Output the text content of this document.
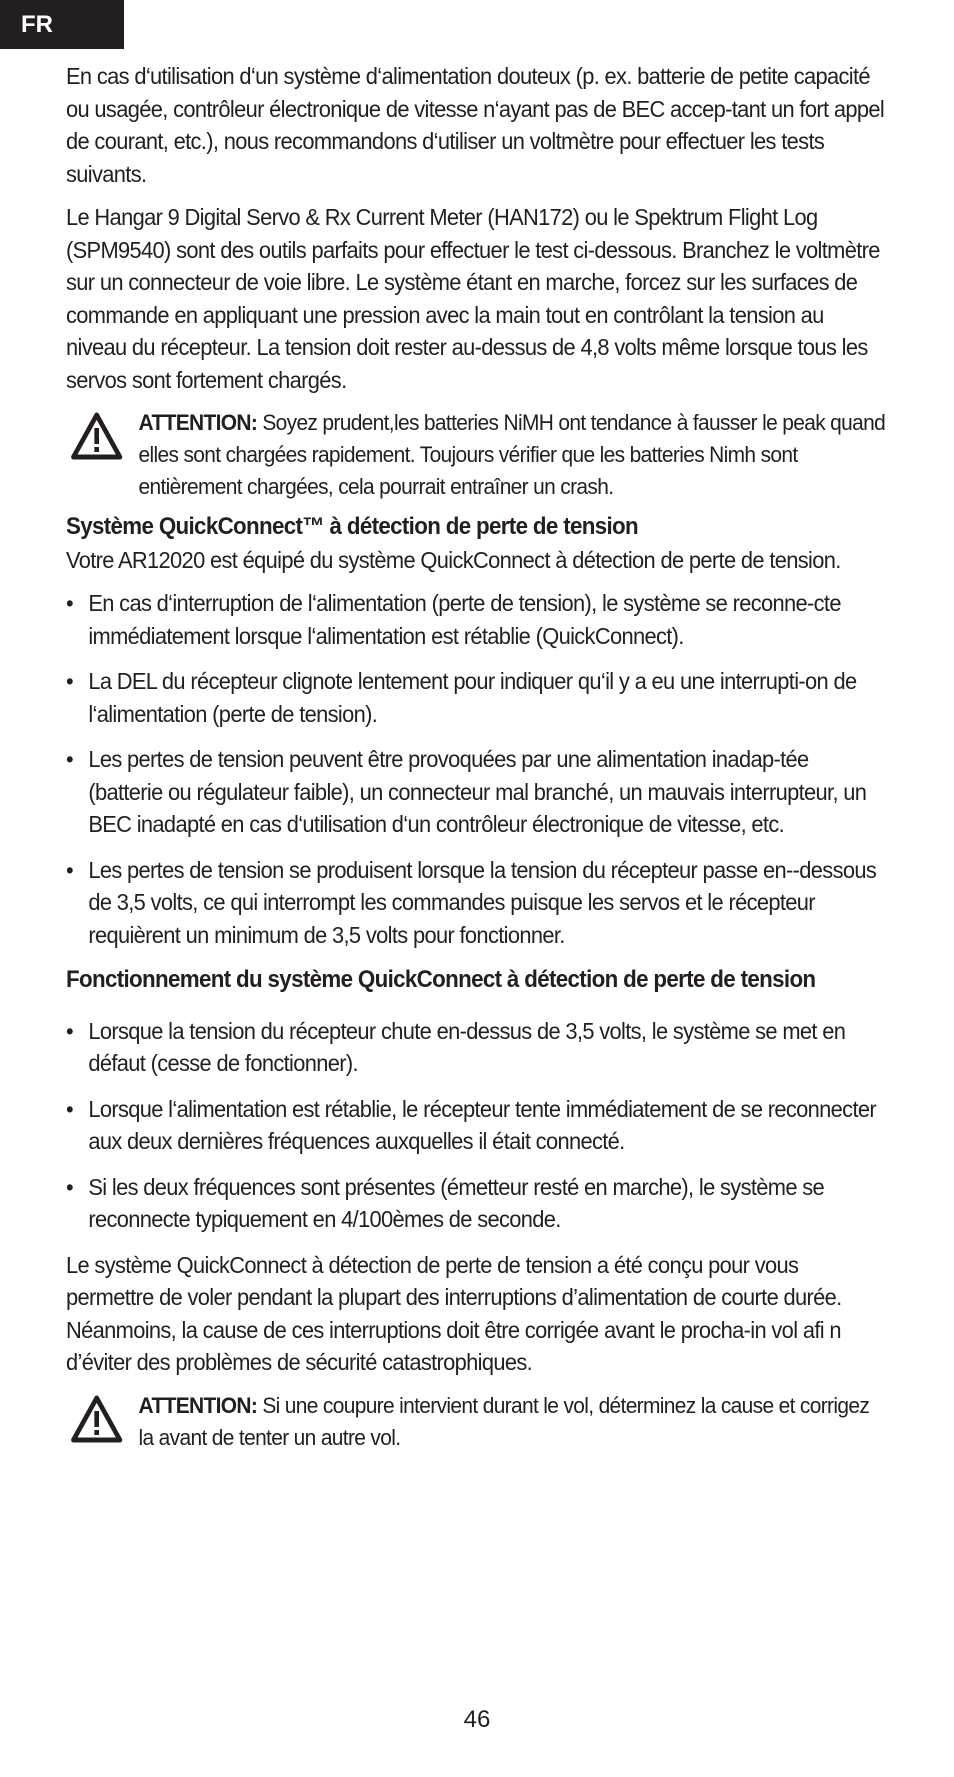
FR

En cas d‘utilisation d‘un système d‘alimentation douteux (p. ex. batterie de petite capacité ou usagée, contrôleur électronique de vitesse n‘ayant pas de BEC accep-tant un fort appel de courant, etc.), nous recommandons d‘utiliser un voltmètre pour effectuer les tests suivants.

Le Hangar 9 Digital Servo & Rx Current Meter (HAN172) ou le Spektrum Flight Log (SPM9540) sont des outils parfaits pour effectuer le test ci-dessous. Branchez le voltmètre sur un connecteur de voie libre. Le système étant en marche, forcez sur les surfaces de commande en appliquant une pression avec la main tout en contrôlant la tension au niveau du récepteur. La tension doit rester au-dessus de 4,8 volts même lorsque tous les servos sont fortement chargés.

ATTENTION: Soyez prudent,les batteries NiMH ont tendance à fausser le peak quand elles sont chargées rapidement. Toujours vérifier que les batteries Nimh sont entièrement chargées, cela pourrait entraîner un crash.
Système QuickConnect™ à détection de perte de tension
Votre AR12020 est équipé du système QuickConnect à détection de perte de tension.
• En cas d‘interruption de l‘alimentation (perte de tension), le système se reconne-cte immédiatement lorsque l‘alimentation est rétablie (QuickConnect).
• La DEL du récepteur clignote lentement pour indiquer qu‘il y a eu une interrupti-on de l‘alimentation (perte de tension).
• Les pertes de tension peuvent être provoquées par une alimentation inadap-tée (batterie ou régulateur faible), un connecteur mal branché, un mauvais interrupteur, un BEC inadapté en cas d‘utilisation d‘un contrôleur électronique de vitesse, etc.
• Les pertes de tension se produisent lorsque la tension du récepteur passe en--dessous de 3,5 volts, ce qui interrompt les commandes puisque les servos et le récepteur requièrent un minimum de 3,5 volts pour fonctionner.
Fonctionnement du système QuickConnect à détection de perte de tension
• Lorsque la tension du récepteur chute en-dessus de 3,5 volts, le système se met en défaut (cesse de fonctionner).
• Lorsque l‘alimentation est rétablie, le récepteur tente immédiatement de se reconnecter aux deux dernières fréquences auxquelles il était connecté.
• Si les deux fréquences sont présentes (émetteur resté en marche), le système se reconnecte typiquement en 4/100èmes de seconde.

Le système QuickConnect à détection de perte de tension a été conçu pour vous permettre de voler pendant la plupart des interruptions d’alimentation de courte durée. Néanmoins, la cause de ces interruptions doit être corrigée avant le procha-in vol afi n d’éviter des problèmes de sécurité catastrophiques.

ATTENTION: Si une coupure intervient durant le vol, déterminez la cause et corrigez la avant de tenter un autre vol.
46
